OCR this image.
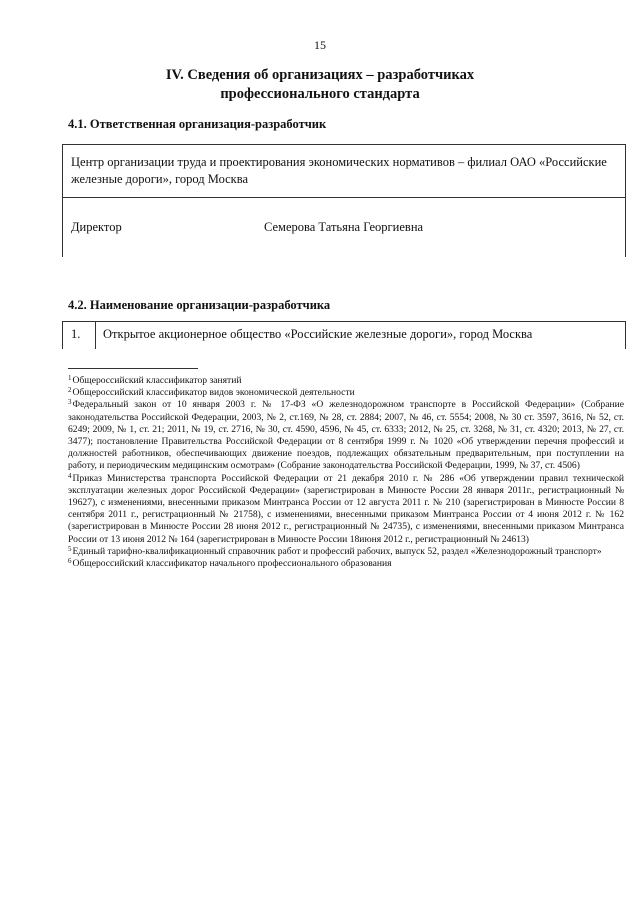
15
IV. Сведения об организациях – разработчиках
профессионального стандарта
4.1. Ответственная организация-разработчик
Центр организации труда и проектирования экономических нормативов – филиал ОАО «Российские железные дороги», город Москва
Директор	Семерова Татьяна Георгиевна
4.2. Наименование организации-разработчика
1. Открытое акционерное общество «Российские железные дороги», город Москва

$^1$Общероссийский классификатор занятий

$^2$Общероссийский классификатор видов экономической деятельности

$^3$Федеральный закон от 10 января 2003 г. № 17-ФЗ «О железнодорожном транспорте в Российской Федерации» (Собрание законодательства Российской Федерации, 2003, № 2, ст.169, № 28, ст. 2884; 2007, № 46, ст. 5554; 2008, № 30 ст. 3597, 3616, № 52, ст. 6249; 2009, № 1, ст. 21; 2011, № 19, ст. 2716, № 30, ст. 4590, 4596, № 45, ст. 6333; 2012, № 25, ст. 3268, № 31, ст. 4320; 2013, № 27, ст. 3477); постановление Правительства Российской Федерации от 8 сентября 1999 г. № 1020 «Об утверждении перечня профессий и должностей работников, обеспечивающих движение поездов, подлежащих обязательным предварительным, при поступлении на работу, и периодическим медицинским осмотрам» (Собрание законодательства Российской Федерации, 1999, № 37, ст. 4506)

$^4$Приказ Министерства транспорта Российской Федерации от 21 декабря 2010 г. № 286 «Об утверждении правил технической эксплуатации железных дорог Российской Федерации» (зарегистрирован в Минюсте России 28 января 2011г., регистрационный № 19627), с изменениями, внесенными приказом Минтранса России от 12 августа 2011 г. № 210 (зарегистрирован в Минюсте России 8 сентября 2011 г., регистрационный № 21758), с изменениями, внесенными приказом Минтранса России от 4 июня 2012 г. № 162 (зарегистрирован в Минюсте России 28 июня 2012 г., регистрационный № 24735), с изменениями, внесенными приказом Минтранса России от 13 июня 2012 № 164 (зарегистрирован в Минюсте России 18июня 2012 г., регистрационный № 24613)

$^5$Единый тарифно-квалификационный справочник работ и профессий рабочих, выпуск 52, раздел «Железнодорожный транспорт»

$^6$Общероссийский классификатор начального профессионального образования
